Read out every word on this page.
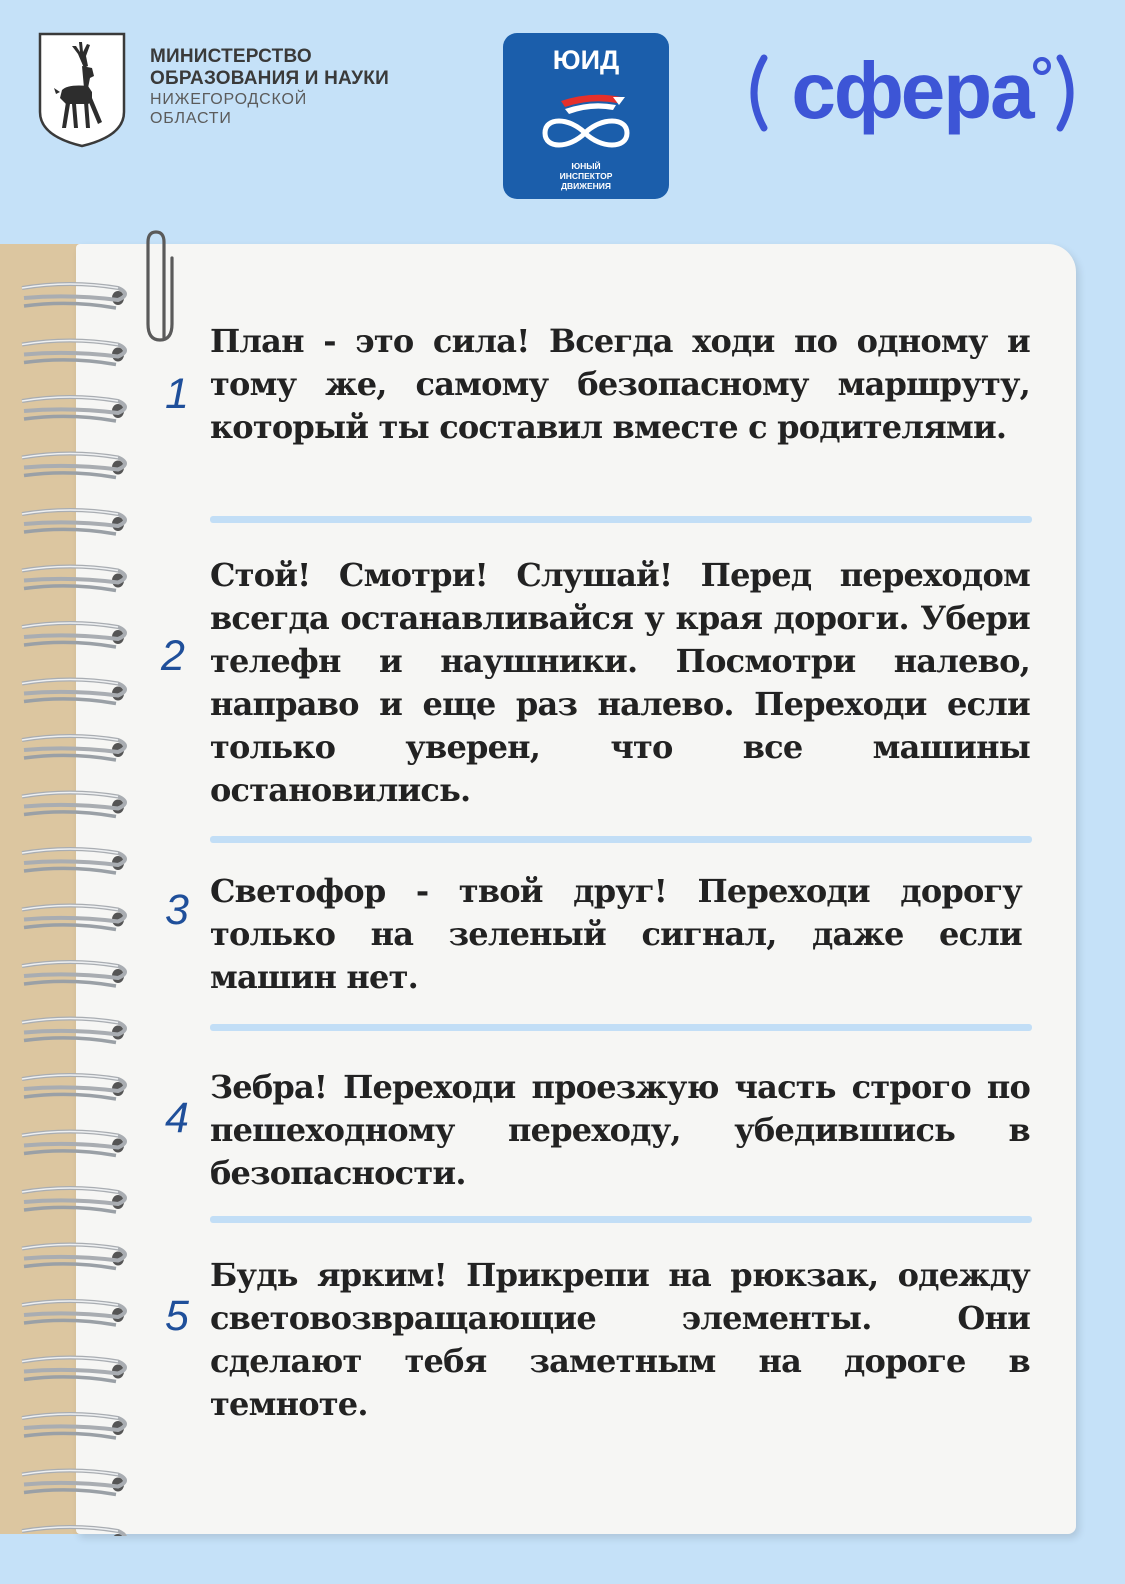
МИНИСТЕРСТВО
ОБРАЗОВАНИЯ И НАУКИ
НИЖЕГОРОДСКОЙ
ОБЛАСТИ
ЮИД
ЮНЫЙ
ИНСПЕКТОР
ДВИЖЕНИЯ
сфера
1
План - это сила! Всегда ходи по одному и тому же, самому безопасному маршруту, который ты составил вместе с родителями.
2
Стой! Смотри! Слушай! Перед переходом всегда останавливайся у края дороги. Убери телефн и наушники. Посмотри налево, направо и еще раз налево. Переходи если только уверен, что все машины остановились.
3 Светофор - твой друг! Переходи дорогу только на зеленый сигнал, даже если машин нет.
4
Зебра! Переходи проезжую часть строго по пешеходному переходу, убедившись в безопасности.
5
Будь ярким! Прикрепи на рюкзак, одежду световозвращающие элементы. Они сделают тебя заметным на дороге в темноте.
